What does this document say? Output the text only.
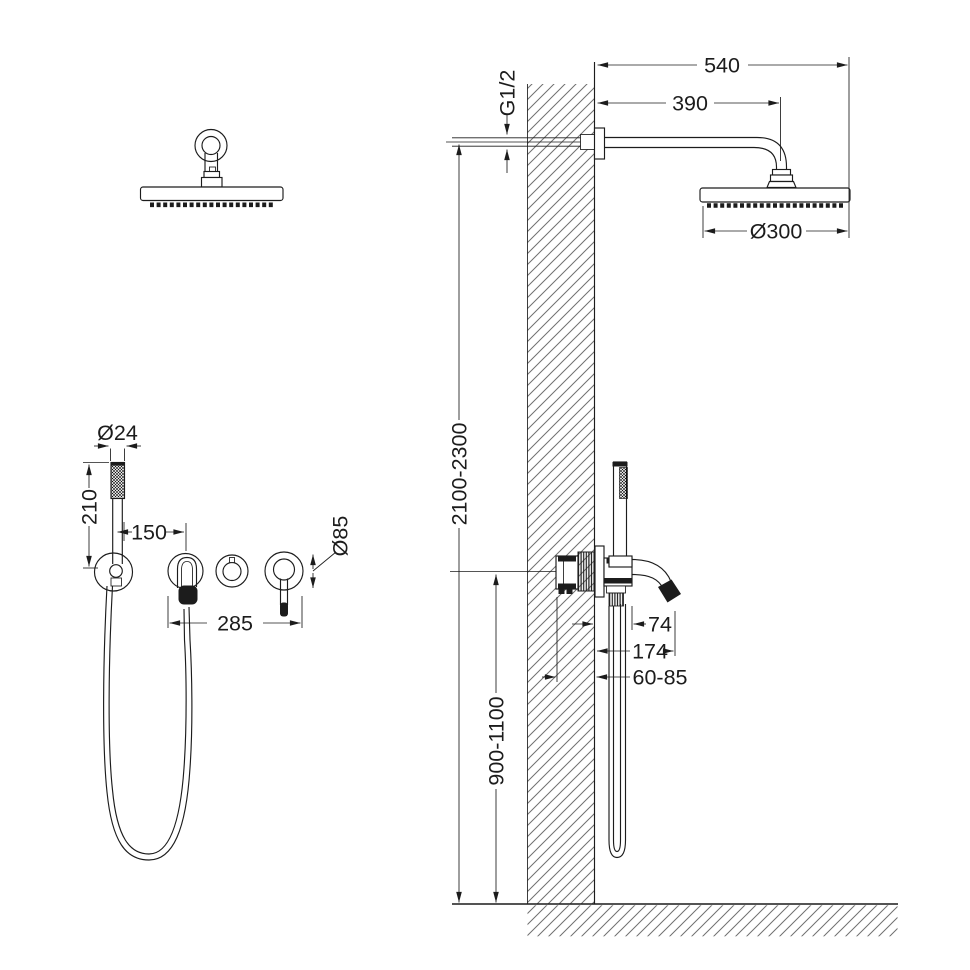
Ø24
210
150	Ø85
285
540
390
G1/2
Ø300
2100-2300
900-1100
74
174
60-85
